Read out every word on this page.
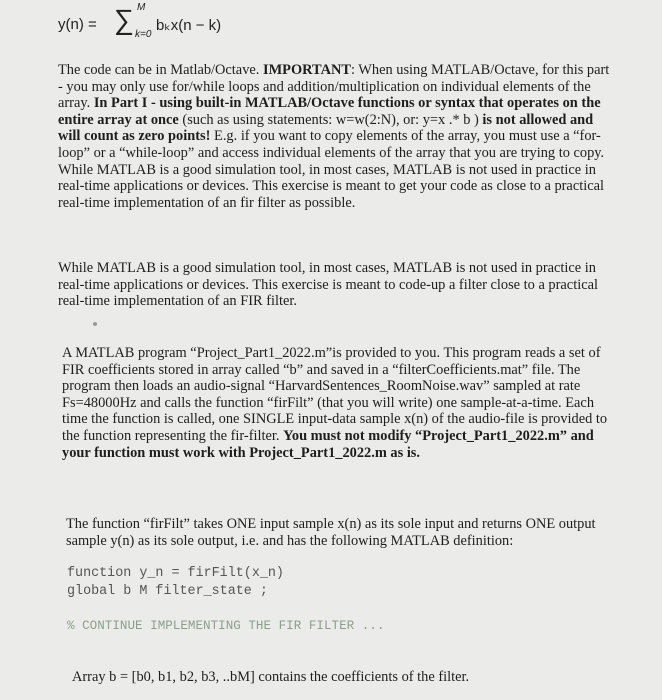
y(n) = ∑ M
k=0
bₖx(n − k)

The code can be in Matlab/Octave. IMPORTANT: When using MATLAB/Octave, for this part - you may only use for/while loops and addition/multiplication on individual elements of the array. In Part I - using built-in MATLAB/Octave functions or syntax that operates on the entire array at once (such as using statements: w=w(2:N), or: y=x .* b ) is not allowed and will count as zero points! E.g. if you want to copy elements of the array, you must use a “for-loop” or a “while-loop” and access individual elements of the array that you are trying to copy. While MATLAB is a good simulation tool, in most cases, MATLAB is not used in practice in real-time applications or devices. This exercise is meant to get your code as close to a practical real-time implementation of an fir filter as possible.

While MATLAB is a good simulation tool, in most cases, MATLAB is not used in practice in real-time applications or devices. This exercise is meant to code-up a filter close to a practical real-time implementation of an FIR filter.

A MATLAB program “Project_Part1_2022.m”is provided to you. This program reads a set of FIR coefficients stored in array called “b” and saved in a “filterCoefficients.mat” file. The program then loads an audio-signal “HarvardSentences_RoomNoise.wav” sampled at rate Fs=48000Hz and calls the function “firFilt” (that you will write) one sample-at-a-time. Each time the function is called, one SINGLE input-data sample x(n) of the audio-file is provided to the function representing the fir-filter. You must not modify “Project_Part1_2022.m” and your function must work with Project_Part1_2022.m as is.

The function “firFilt” takes ONE input sample x(n) as its sole input and returns ONE output sample y(n) as its sole output, i.e. and has the following MATLAB definition:

function y_n = firFilt(x_n)
global b M filter_state ;
% CONTINUE IMPLEMENTING THE FIR FILTER ...
Array b = [b0, b1, b2, b3, ..bM] contains the coefficients of the filter.
